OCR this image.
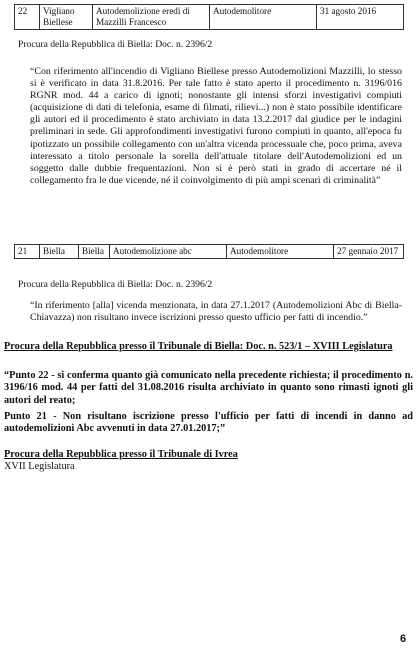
22	Vigliano Biellese	Autodemolizione eredi di Mazzilli Francesco	Autodemolitore	31 agosto 2016

Procura della Repubblica di Biella: Doc. n. 2396/2

“Con riferimento all'incendio di Vigliano Biellese presso Autodemolizioni Mazzilli, lo stesso si è verificato in data 31.8.2016. Per tale fatto è stato aperto il procedimento n. 3196/016 RGNR mod. 44 a carico di ignoti; nonostante gli intensi sforzi investigativi compiuti (acquisizione di dati di telefonia, esame di filmati, rilievi...) non è stato possibile identificare gli autori ed il procedimento è stato archiviato in data 13.2.2017 dal giudice per le indagini preliminari in sede. Gli approfondimenti investigativi furono compiuti in quanto, all'epoca fu ipotizzato un possibile collegamento con un'altra vicenda processuale che, poco prima, aveva interessato a titolo personale la sorella dell'attuale titolare dell'Autodemolizioni ed un soggetto dalle dubbie frequentazioni. Non si è però stati in grado di accertare né il collegamento fra le due vicende, né il coinvolgimento di più ampi scenari di criminalità”

21	Biella	Biella	Autodemolizione abc	Autodemolitore	27 gennaio 2017

Procura della Repubblica di Biella: Doc. n. 2396/2

“In riferimento [alla] vicenda menzionata, in data 27.1.2017 (Autodemolizioni Abc di Biella-Chiavazza) non risultano invece iscrizioni presso questo ufficio per fatti di incendio.”

Procura della Repubblica presso il Tribunale di Biella: Doc. n. 523/1 – XVIII Legislatura

“Punto 22 - si conferma quanto già comunicato nella precedente richiesta; il procedimento n. 3196/16 mod. 44 per fatti del 31.08.2016 risulta archiviato in quanto sono rimasti ignoti gli autori del reato;

Punto 21 - Non risultano iscrizione presso l'ufficio per fatti di incendi in danno ad autodemolizioni Abc avvenuti in data 27.01.2017;”

Procura della Repubblica presso il Tribunale di Ivrea

XVII Legislatura

6
